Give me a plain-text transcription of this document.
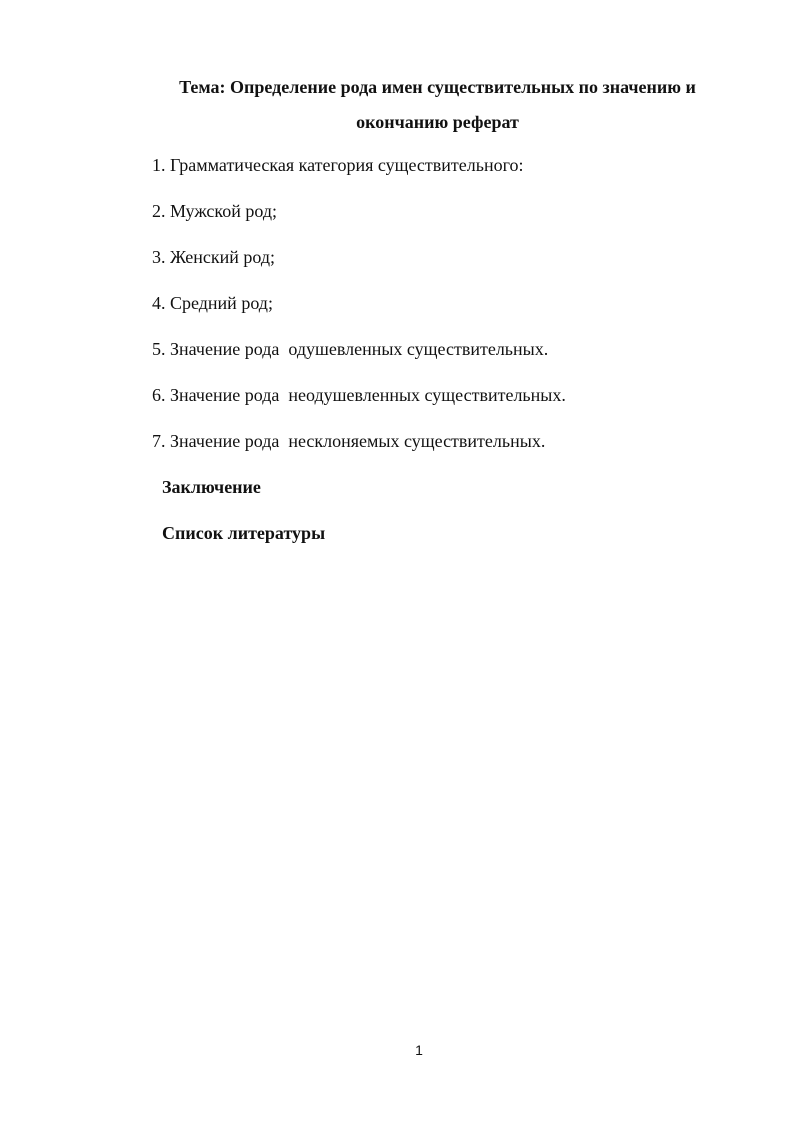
Тема: Определение рода имен существительных по значению и окончанию реферат
1. Грамматическая категория существительного:
2. Мужской род;
3. Женский род;
4. Средний род;
5. Значение рода  одушевленных существительных.
6. Значение рода  неодушевленных существительных.
7. Значение рода  несклоняемых существительных.
Заключение
Список литературы
1
